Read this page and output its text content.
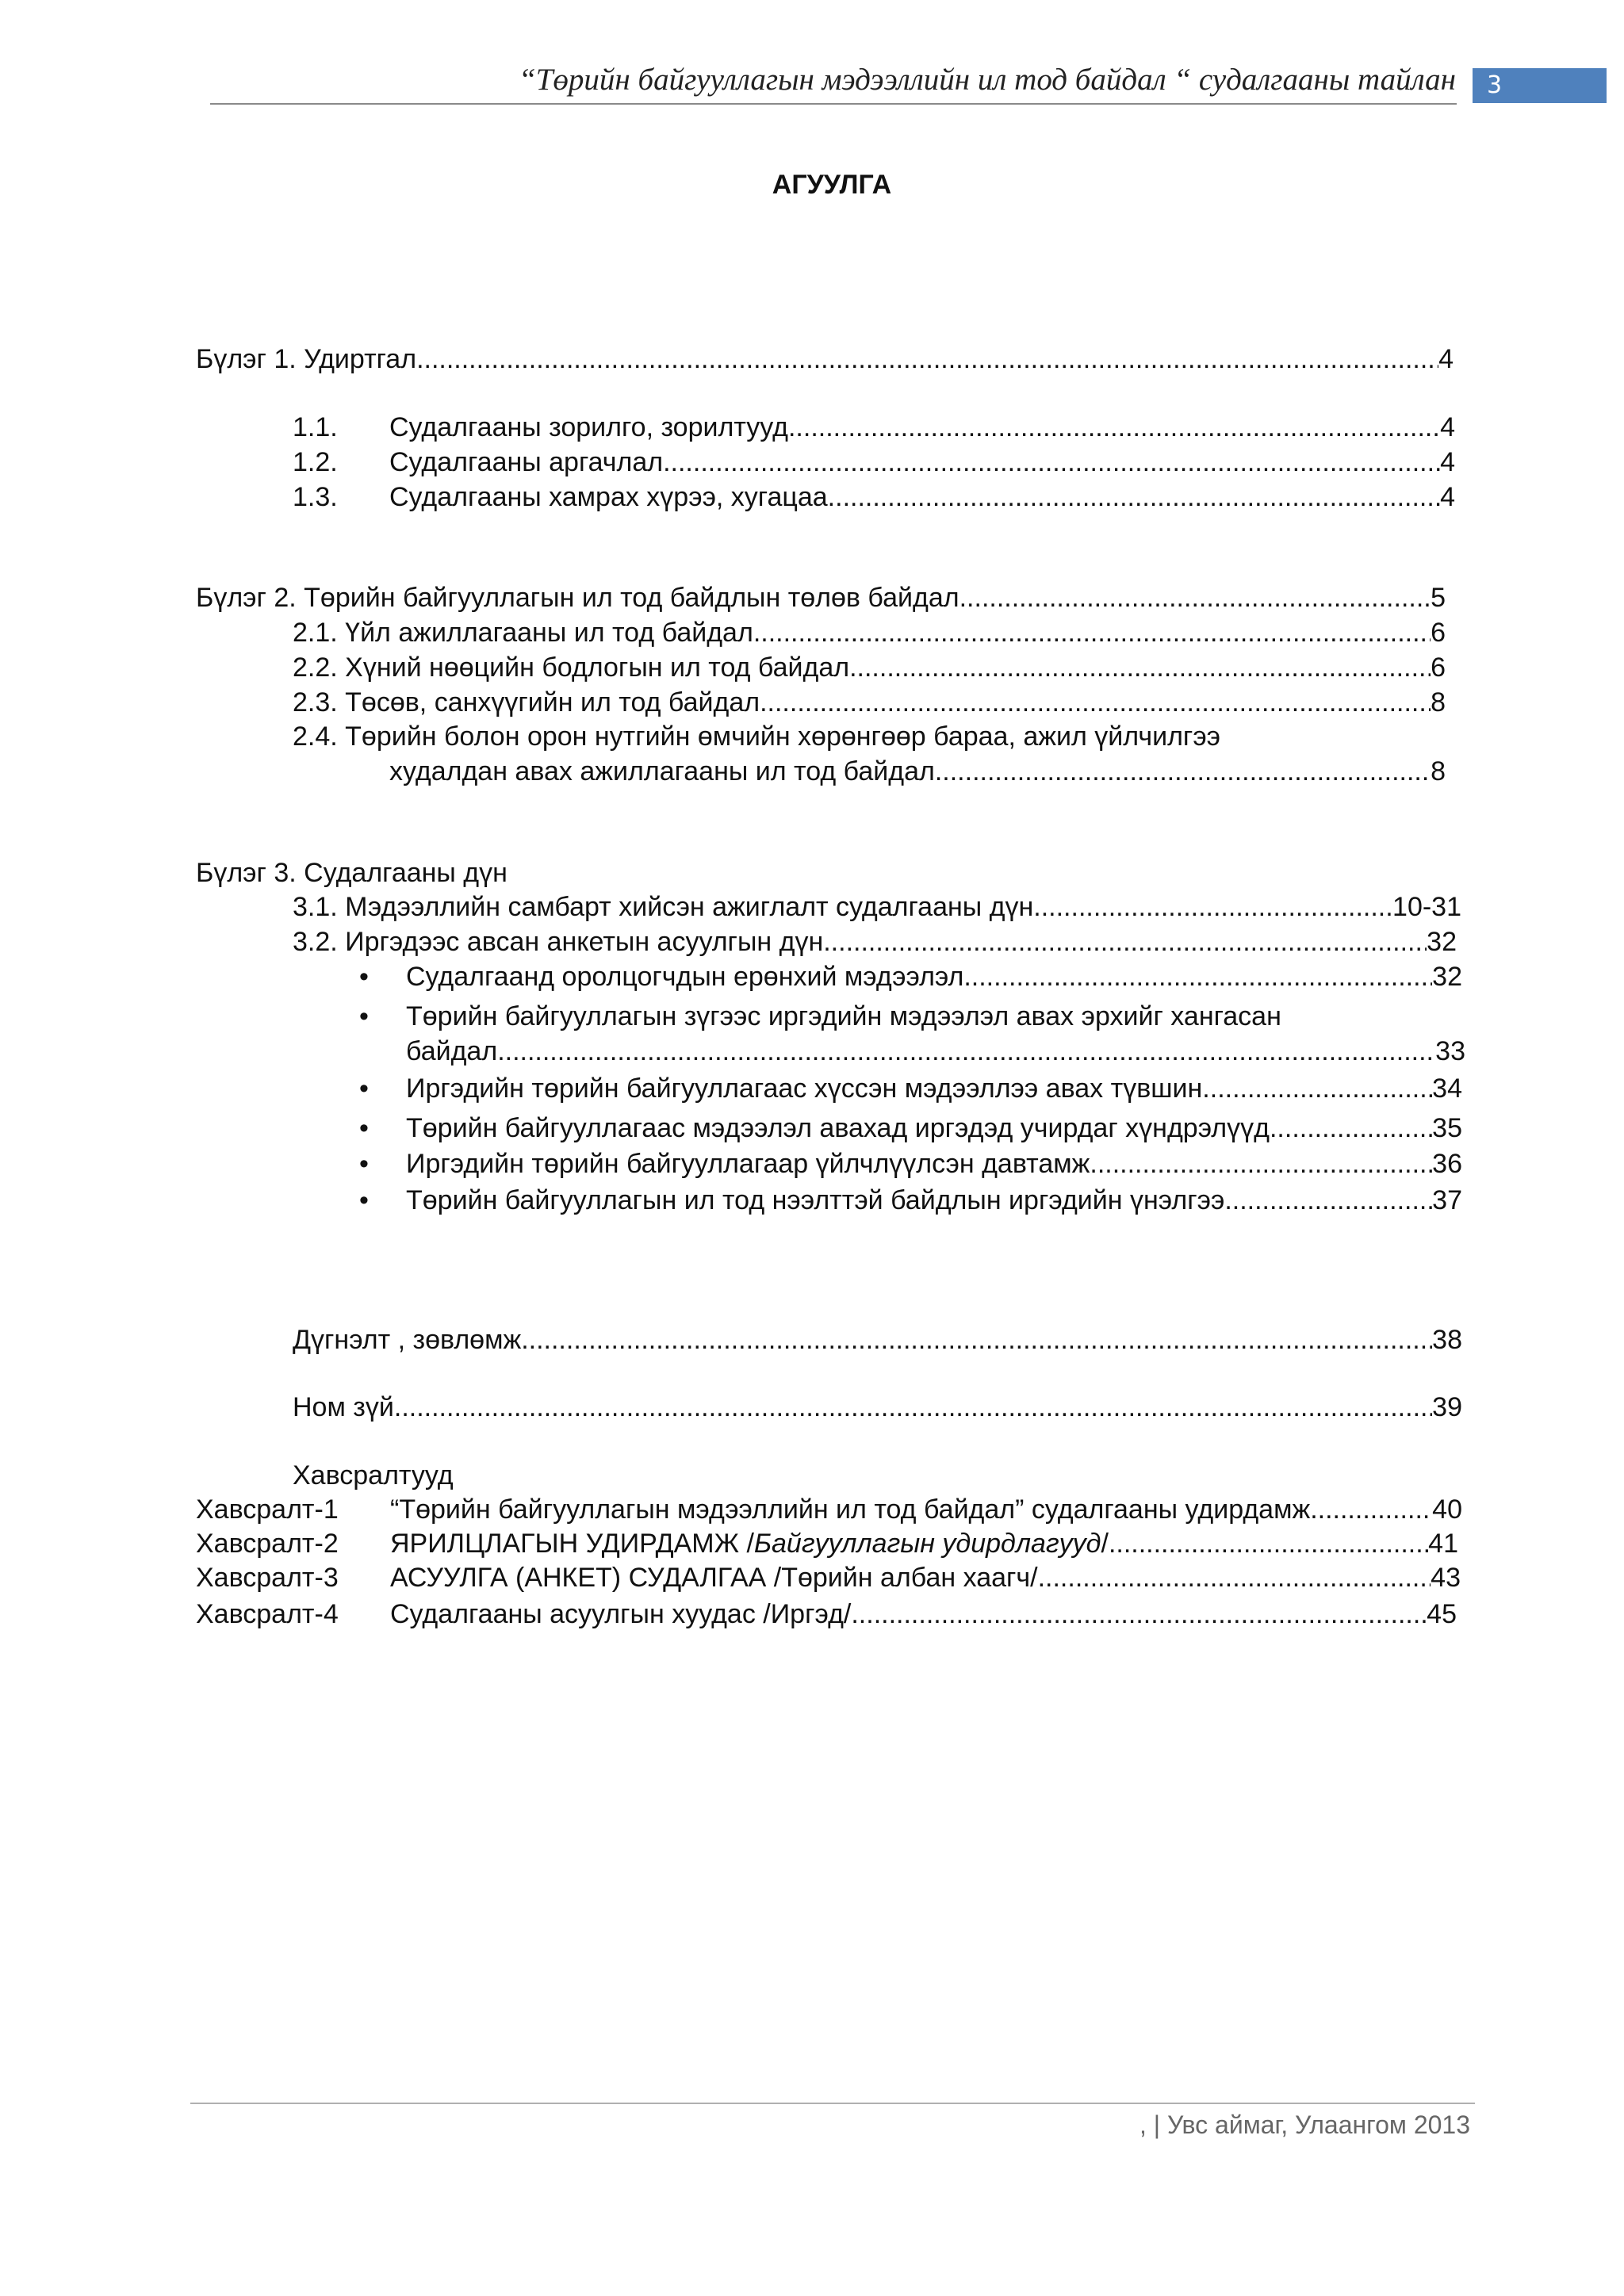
“Төрийн байгууллагын мэдээллийн ил тод байдал “ судалгааны тайлан	3
АГУУЛГА
Бүлэг 1. Удиртгал .....	4
1.1.	Судалгааны зорилго, зорилтууд .....	4
1.2.	Судалгааны аргачлал .....	4
1.3.	Судалгааны хамрах хүрээ, хугацаа .....	4
Бүлэг 2. Төрийн байгууллагын ил тод байдлын төлөв байдал .....	5
2.1. Үйл ажиллагааны ил тод байдал .....	6
2.2. Хүний нөөцийн бодлогын ил тод байдал .....	6
2.3. Төсөв, санхүүгийн ил тод байдал .....	8
2.4. Төрийн болон орон нутгийн өмчийн хөрөнгөөр бараа, ажил үйлчилгээ
худалдан авах ажиллагааны ил тод байдал .....	8
Бүлэг 3. Судалгааны дүн
3.1. Мэдээллийн самбарт хийсэн ажиглалт судалгааны дүн .....	10-31
3.2. Иргэдээс авсан анкетын асуулгын дүн .....	32
• Судалгаанд оролцогчдын ерөнхий мэдээлэл .....	32
• Төрийн байгууллагын зүгээс иргэдийн мэдээлэл авах эрхийг хангасан
байдал .....	33
• Иргэдийн төрийн байгууллагаас хүссэн мэдээллээ авах түвшин .....	34
• Төрийн байгууллагаас мэдээлэл авахад иргэдэд учирдаг хүндрэлүүд .....	35
• Иргэдийн төрийн байгууллагаар үйлчлүүлсэн давтамж .....	36
• Төрийн байгууллагын ил тод нээлттэй байдлын иргэдийн үнэлгээ .....	37
Дүгнэлт , зөвлөмж .....	38
Ном зүй .....	39
Хавсралтууд
Хавсралт-1	“Төрийн байгууллагын мэдээллийн ил тод байдал” судалгааны удирдамж .....	40
Хавсралт-2	ЯРИЛЦЛАГЫН УДИРДАМЖ / Байгууллагын удирдлагууд / .....	41
Хавсралт-3	АСУУЛГА (АНКЕТ) СУДАЛГАА /Төрийн албан хаагч/ .....	43
Хавсралт-4	Судалгааны асуулгын хуудас /Иргэд/ .....	45
, | Увс аймаг, Улаангом 2013
